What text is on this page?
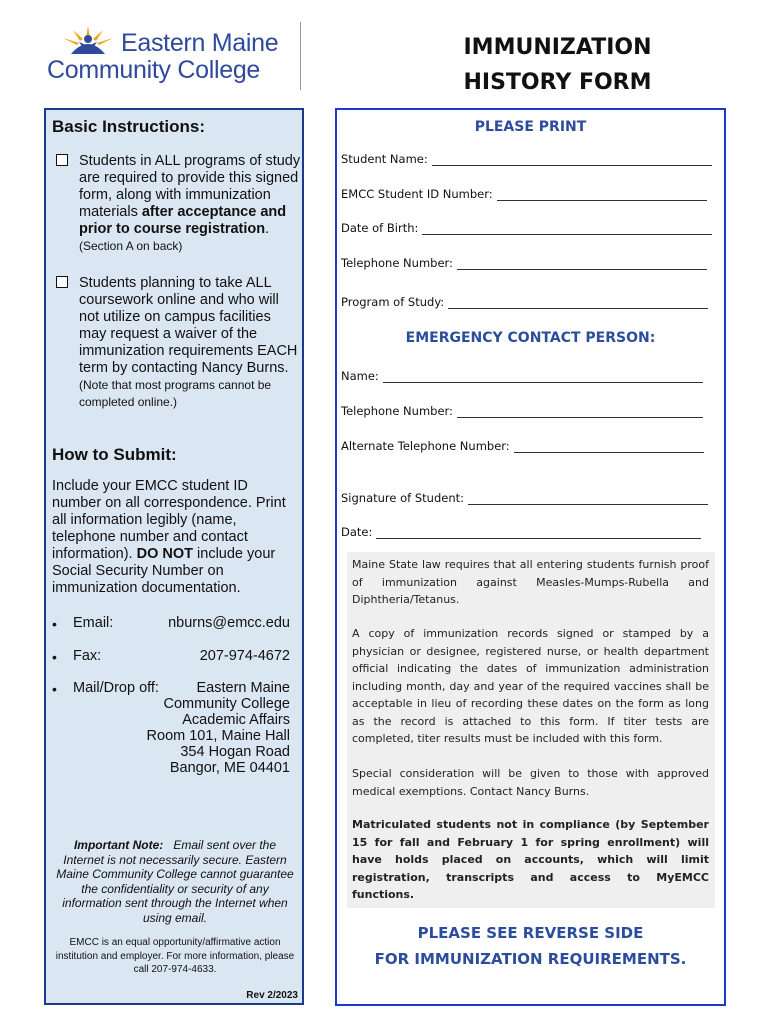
Eastern Maine
Community College
IMMUNIZATION
HISTORY FORM
Basic Instructions:
Students in ALL programs of study are required to provide this signed form, along with immunization materials after acceptance and prior to course registration.  (Section A on back)
Students planning to take ALL coursework online and who will not utilize on campus facilities may request a waiver of the immunization requirements EACH term by contacting Nancy Burns. (Note that most programs cannot be completed online.)
How to Submit:
Include your EMCC student ID number on all correspondence. Print all information legibly (name, telephone number and contact information). DO NOT include your Social Security Number on immunization documentation.
• Email:	nburns@emcc.edu
• Fax:	207-974-4672
• Mail/Drop off:	Eastern Maine
Community College
Academic Affairs
Room 101, Maine Hall
354 Hogan Road
Bangor, ME 04401
Important Note: Email sent over the Internet is not necessarily secure. Eastern Maine Community College cannot guarantee the confidentiality or security of any information sent through the Internet when using email.
EMCC is an equal opportunity/affirmative action institution and employer. For more information, please call 207-974-4633.
Rev 2/2023
PLEASE PRINT
Student Name:
EMCC Student ID Number:
Date of Birth:
Telephone Number:
Program of Study:
EMERGENCY CONTACT PERSON:
Name:
Telephone Number:
Alternate Telephone Number:
Signature of Student:
Date:
Maine State law requires that all entering students furnish proof of immunization against Measles-Mumps-Rubella and Diphtheria/Tetanus.
A copy of immunization records signed or stamped by a physician or designee, registered nurse, or health department official indicating the dates of immunization administration including month, day and year of the required vaccines shall be acceptable in lieu of recording these dates on the form as long as the record is attached to this form. If titer tests are completed, titer results must be included with this form.
Special consideration will be given to those with approved medical exemptions. Contact Nancy Burns.
Matriculated students not in compliance (by September 15 for fall and February 1 for spring enrollment) will have holds placed on accounts, which will limit registration, transcripts and access to MyEMCC functions.
PLEASE SEE REVERSE SIDE
FOR IMMUNIZATION REQUIREMENTS.
